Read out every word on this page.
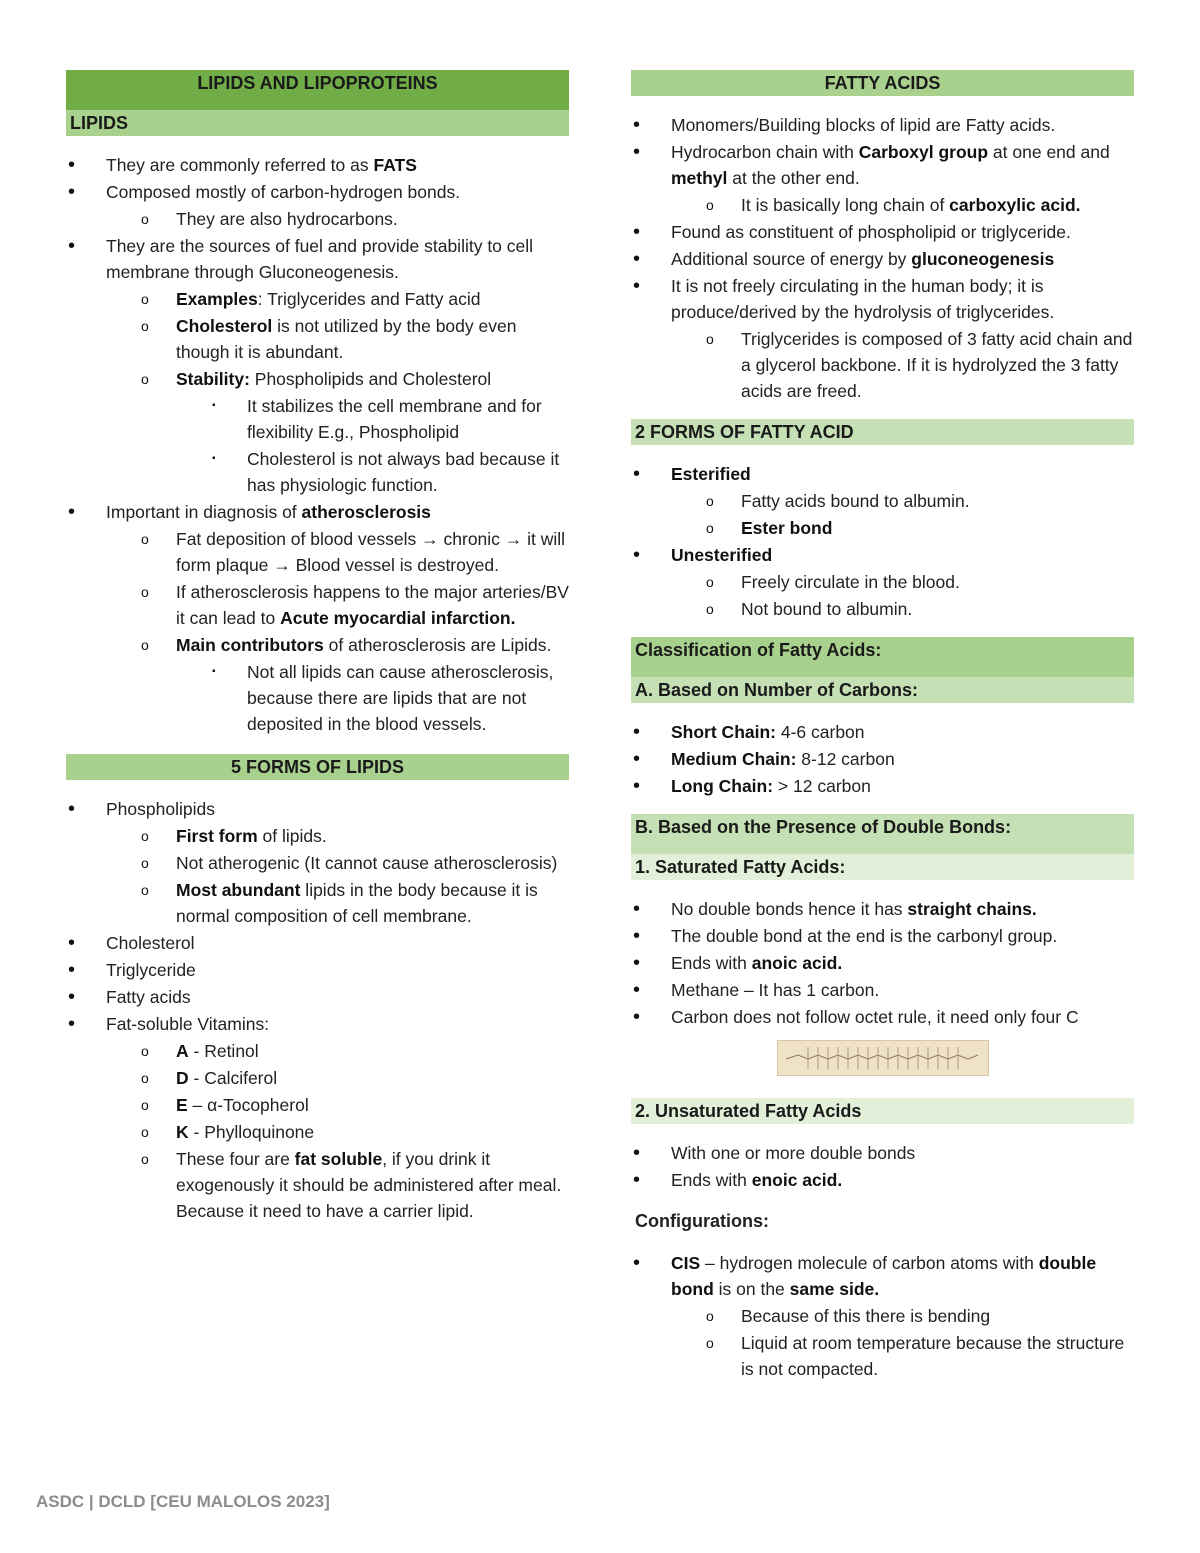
LIPIDS AND LIPOPROTEINS
LIPIDS
•
They are commonly referred to as FATS
•
Composed mostly of carbon-hydrogen bonds.
o
They are also hydrocarbons.
•
They are the sources of fuel and provide stability to cell membrane through Gluconeogenesis.
o
Examples: Triglycerides and Fatty acid
o
Cholesterol is not utilized by the body even though it is abundant.
o
Stability: Phospholipids and Cholesterol
▪
It stabilizes the cell membrane and for flexibility E.g., Phospholipid
▪
Cholesterol is not always bad because it has physiologic function.
•
Important in diagnosis of atherosclerosis
o
Fat deposition of blood vessels → chronic → it will form plaque → Blood vessel is destroyed.
o
If atherosclerosis happens to the major arteries/BV it can lead to Acute myocardial infarction.
o
Main contributors of atherosclerosis are Lipids.
▪
Not all lipids can cause atherosclerosis, because there are lipids that are not deposited in the blood vessels.
5 FORMS OF LIPIDS
•
Phospholipids
o
First form of lipids.
o
Not atherogenic (It cannot cause atherosclerosis)
o
Most abundant lipids in the body because it is normal composition of cell membrane.
•
Cholesterol
•
Triglyceride
•
Fatty acids
•
Fat-soluble Vitamins:
o
A - Retinol
o
D - Calciferol
o
E – α-Tocopherol
o
K - Phylloquinone
o
These four are fat soluble, if you drink it exogenously it should be administered after meal. Because it need to have a carrier lipid.
FATTY ACIDS
•
Monomers/Building blocks of lipid are Fatty acids.
•
Hydrocarbon chain with Carboxyl group at one end and methyl at the other end.
o
It is basically long chain of carboxylic acid.
•
Found as constituent of phospholipid or triglyceride.
•
Additional source of energy by gluconeogenesis
•
It is not freely circulating in the human body; it is produce/derived by the hydrolysis of triglycerides.
o
Triglycerides is composed of 3 fatty acid chain and a glycerol backbone. If it is hydrolyzed the 3 fatty acids are freed.
2 FORMS OF FATTY ACID
•
Esterified
o
Fatty acids bound to albumin.
o
Ester bond
•
Unesterified
o
Freely circulate in the blood.
o
Not bound to albumin.
Classification of Fatty Acids:
A. Based on Number of Carbons:
•
Short Chain: 4-6 carbon
•
Medium Chain: 8-12 carbon
•
Long Chain: > 12 carbon
B. Based on the Presence of Double Bonds:
1. Saturated Fatty Acids:
•
No double bonds hence it has straight chains.
•
The double bond at the end is the carbonyl group.
•
Ends with anoic acid.
•
Methane – It has 1 carbon.
•
Carbon does not follow octet rule, it need only four C
2. Unsaturated Fatty Acids
•
With one or more double bonds
•
Ends with enoic acid.
Configurations:
•
CIS – hydrogen molecule of carbon atoms with double bond is on the same side.
o
Because of this there is bending
o
Liquid at room temperature because the structure is not compacted.
ASDC | DCLD [CEU MALOLOS 2023]
